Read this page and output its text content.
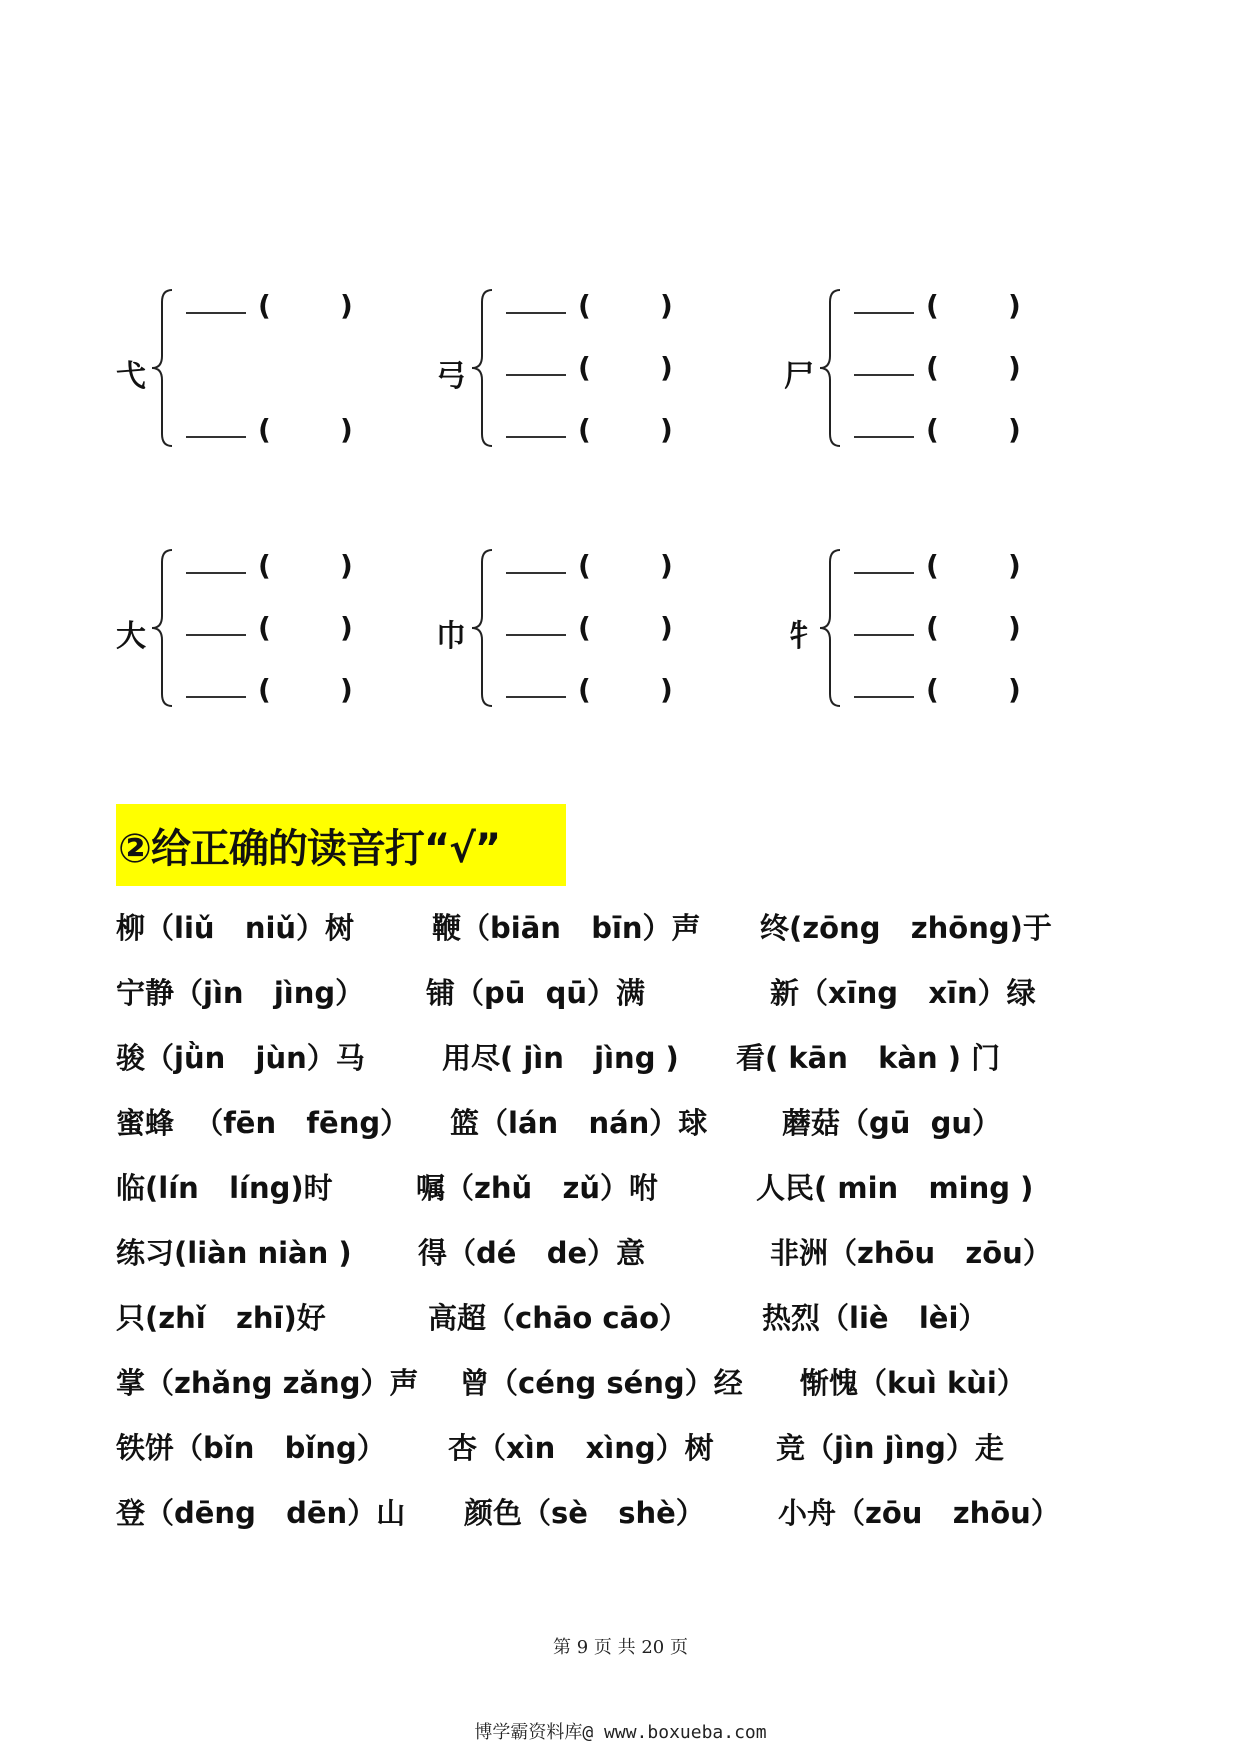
弋
( )
( )
弓
( )
( )
( )
尸
( )
( )
( )
大
( )
( )
( )
巾
( )
( )
( )
牜
( )
( )
( )
②给正确的读音打“√”
柳（liǔ   niǔ）树	鞭（biān   bīn）声 终(zōng   zhōng)于
宁静（jìn   jìng） 铺（pū  qū）满	新（xīng   xīn）绿
骏（jǜn   jùn）马	用尽( jìn   jìng ) 看( kān   kàn ) 门
蜜蜂  （fēn   fēng） 篮（lán   nán）球	蘑菇（gū  gu）
临(lín   líng)时	嘱（zhǔ   zǔ）咐	人民( min   ming )
练习(liàn niàn ) 得（dé   de）意	非洲（zhōu   zōu）
只(zhǐ   zhī)好	高超（chāo cāo）	热烈（liè   lèi）
掌（zhǎng zǎng）声 曾（céng séng）经 惭愧（kuì kùi）
铁饼（bǐn   bǐng） 杏（xìn   xìng）树 竞（jìn jìng）走
登（dēng   dēn）山 颜色（sè   shè）	小舟（zōu   zhōu）
第 9 页 共 20 页
博学霸资料库@ www.boxueba.com
